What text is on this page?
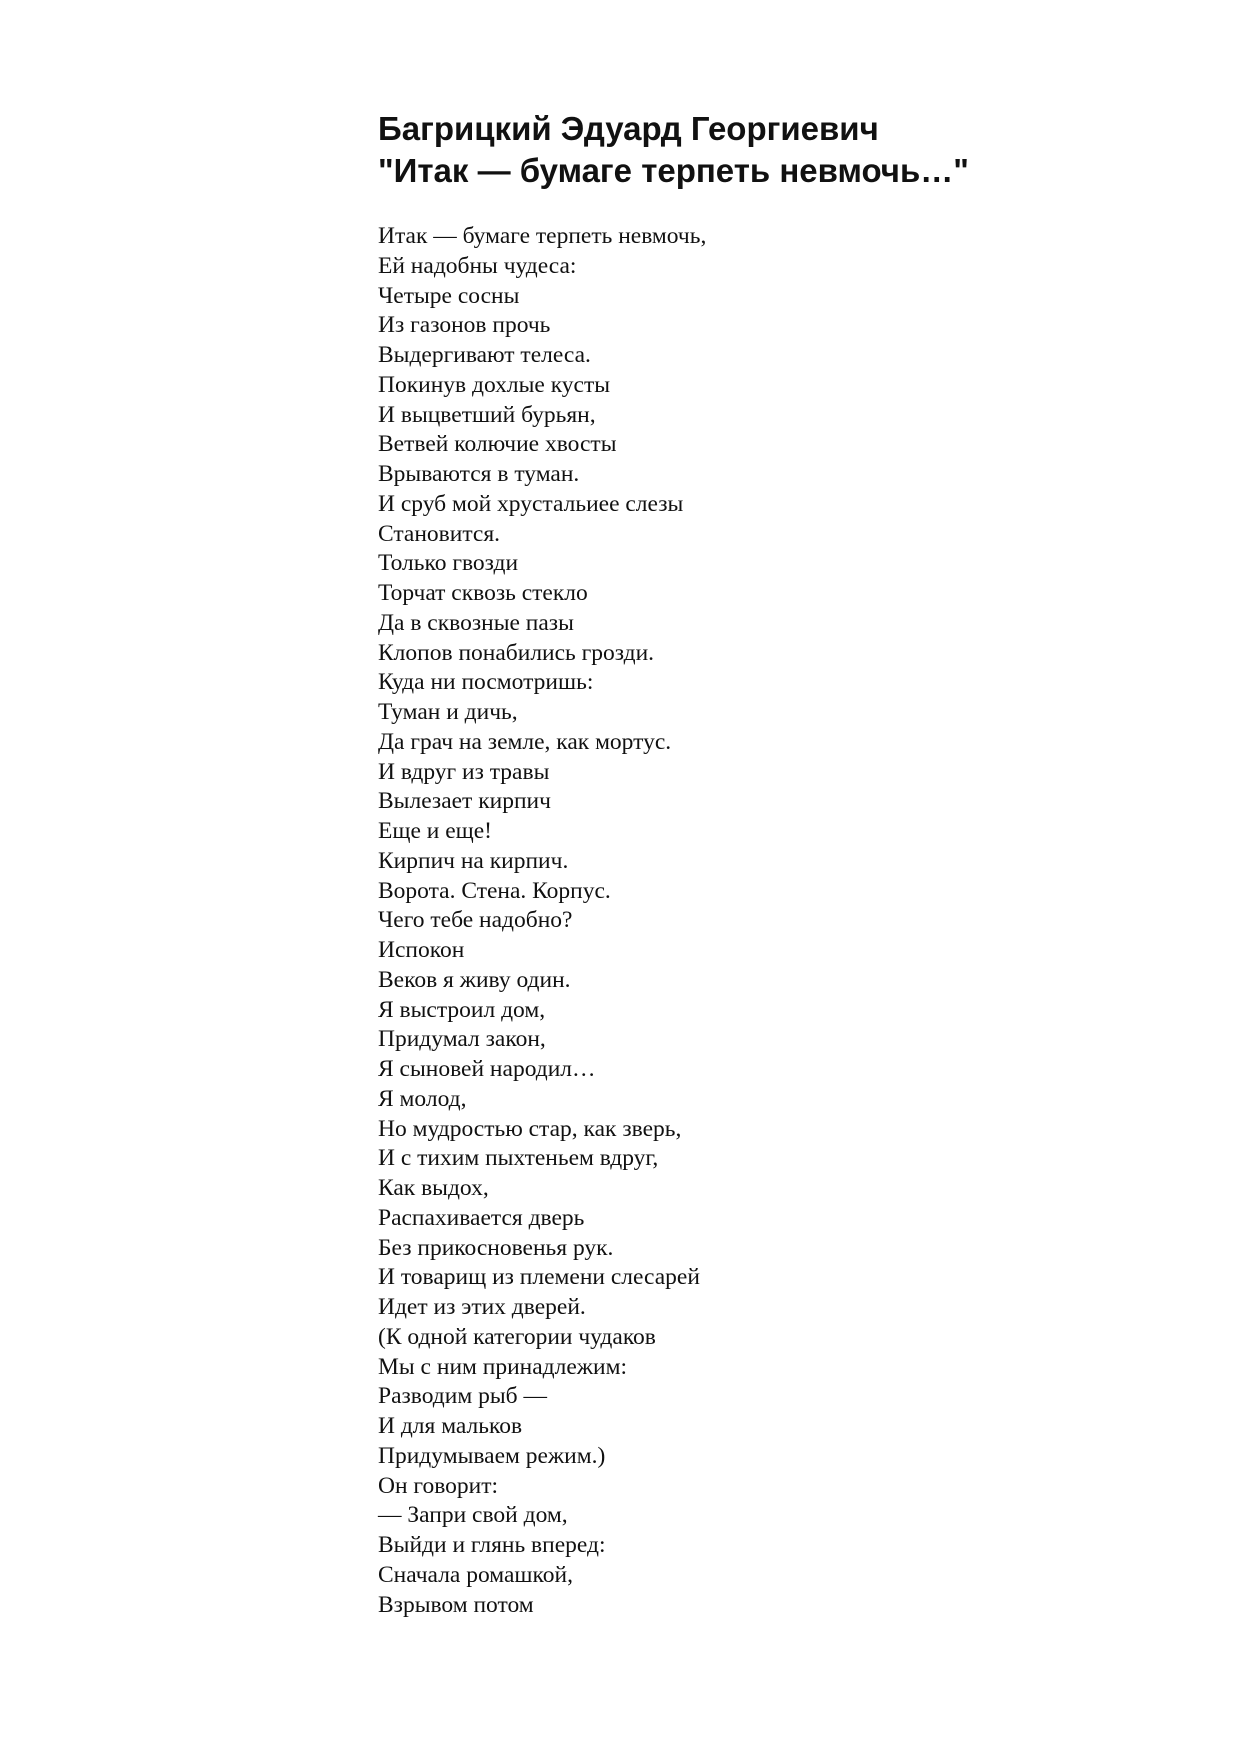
Багрицкий Эдуард Георгиевич
"Итак — бумаге терпеть невмочь…"
Итак — бумаге терпеть невмочь,
Ей надобны чудеса:
Четыре сосны
Из газонов прочь
Выдергивают телеса.
Покинув дохлые кусты
И выцветший бурьян,
Ветвей колючие хвосты
Врываются в туман.
И сруб мой хрустальиее слезы
Становится.
Только гвозди
Торчат сквозь стекло
Да в сквозные пазы
Клопов понабились грозди.
Куда ни посмотришь:
Туман и дичь,
Да грач на земле, как мортус.
И вдруг из травы
Вылезает кирпич
Еще и еще!
Кирпич на кирпич.
Ворота. Стена. Корпус.
Чего тебе надобно?
Испокон
Веков я живу один.
Я выстроил дом,
Придумал закон,
Я сыновей народил…
Я молод,
Но мудростью стар, как зверь,
И с тихим пыхтеньем вдруг,
Как выдох,
Распахивается дверь
Без прикосновенья рук.
И товарищ из племени слесарей
Идет из этих дверей.
(К одной категории чудаков
Мы с ним принадлежим:
Разводим рыб —
И для мальков
Придумываем режим.)
Он говорит:
— Запри свой дом,
Выйди и глянь вперед:
Сначала ромашкой,
Взрывом потом
